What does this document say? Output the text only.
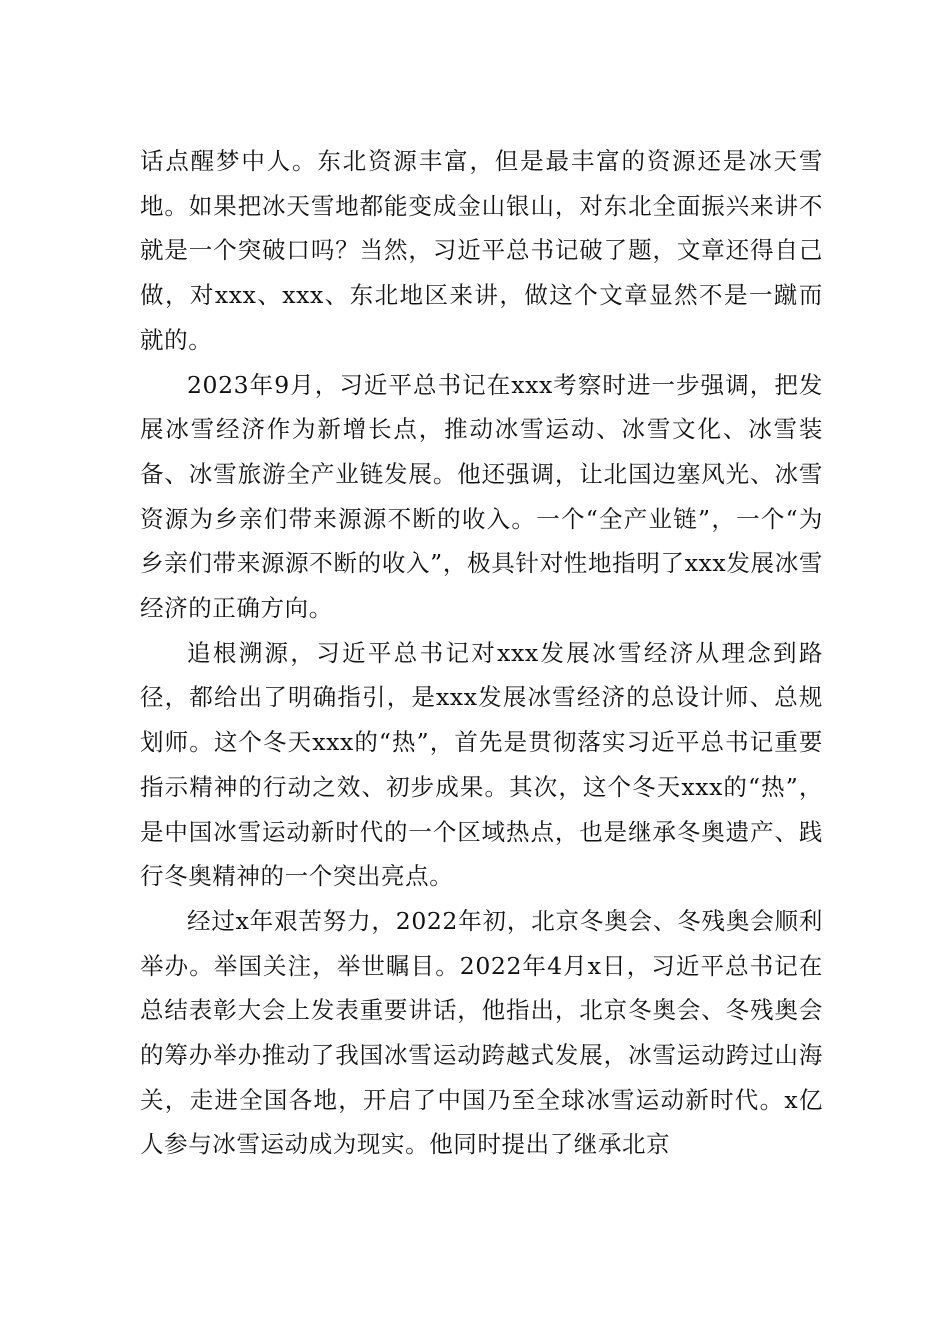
话点醒梦中人。东北资源丰富，但是最丰富的资源还是冰天雪地。如果把冰天雪地都能变成金山银山，对东北全面振兴来讲不就是一个突破口吗？当然，习近平总书记破了题，文章还得自己做，对xxx、xxx、东北地区来讲，做这个文章显然不是一蹴而就的。

2023年9月，习近平总书记在xxx考察时进一步强调，把发展冰雪经济作为新增长点，推动冰雪运动、冰雪文化、冰雪装备、冰雪旅游全产业链发展。他还强调，让北国边塞风光、冰雪资源为乡亲们带来源源不断的收入。一个“全产业链”，一个“为乡亲们带来源源不断的收入”，极具针对性地指明了xxx发展冰雪经济的正确方向。

追根溯源，习近平总书记对xxx发展冰雪经济从理念到路径，都给出了明确指引，是xxx发展冰雪经济的总设计师、总规划师。这个冬天xxx的“热”，首先是贯彻落实习近平总书记重要指示精神的行动之效、初步成果。其次，这个冬天xxx的“热”，是中国冰雪运动新时代的一个区域热点，也是继承冬奥遗产、践行冬奥精神的一个突出亮点。

经过x年艰苦努力，2022年初，北京冬奥会、冬残奥会顺利举办。举国关注，举世瞩目。2022年4月x日，习近平总书记在总结表彰大会上发表重要讲话，他指出，北京冬奥会、冬残奥会的筹办举办推动了我国冰雪运动跨越式发展，冰雪运动跨过山海关，走进全国各地，开启了中国乃至全球冰雪运动新时代。x亿人参与冰雪运动成为现实。他同时提出了继承北京
